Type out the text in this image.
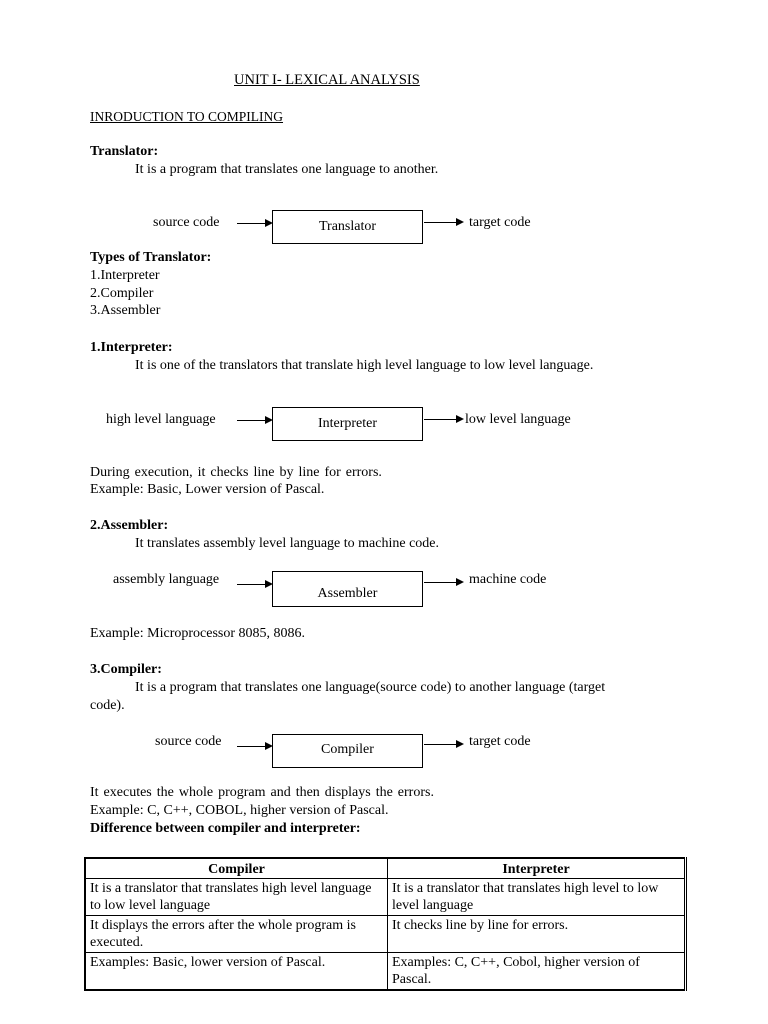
UNIT I- LEXICAL ANALYSIS
INRODUCTION TO COMPILING
Translator:
It is a program that translates one language to another.
source code	Translator	target code
Types of Translator:
1.Interpreter
2.Compiler
3.Assembler
1.Interpreter:
It is one of the translators that translate high level language to low level language.
high level language	Interpreter	low level language
During execution, it checks line by line for errors.
Example: Basic, Lower version of Pascal.
2.Assembler:
It translates assembly level language to machine code.
assembly language
Assembler
machine code
Example: Microprocessor 8085, 8086.
3.Compiler:
It is a program that translates one language(source code) to another language (target
code).
source code
Compiler
target code
It executes the whole program and then displays the errors.
Example: C, C++, COBOL, higher version of Pascal.
Difference between compiler and interpreter:
Compiler	Interpreter
It is a translator that translates high level language to low level language	It is a translator that translates high level to low level language
It displays the errors after the whole program is executed.	It checks line by line for errors.
Examples: Basic, lower version of Pascal.	Examples: C, C++, Cobol, higher version of Pascal.
